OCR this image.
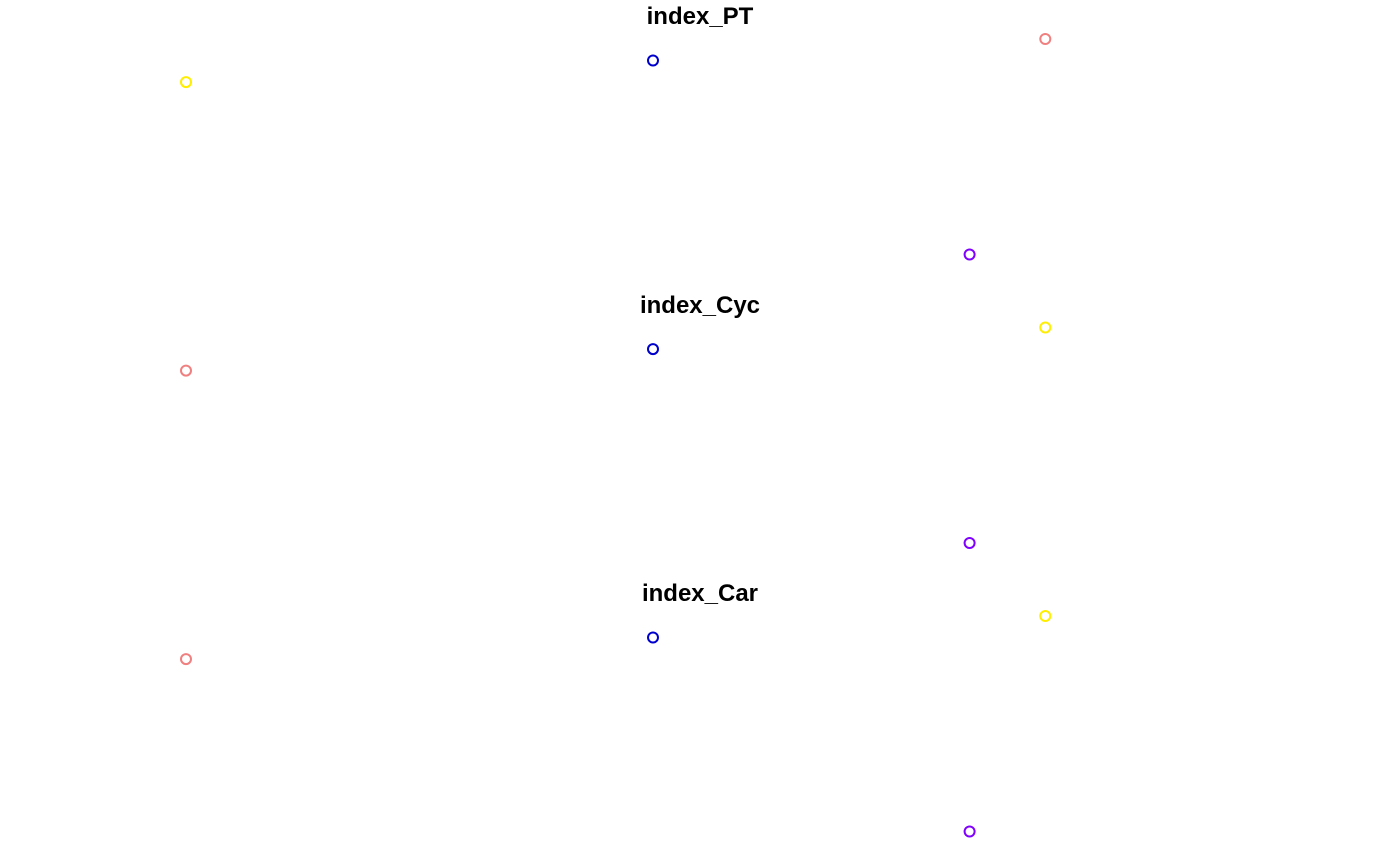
index_PT
index_Cyc
index_Car
